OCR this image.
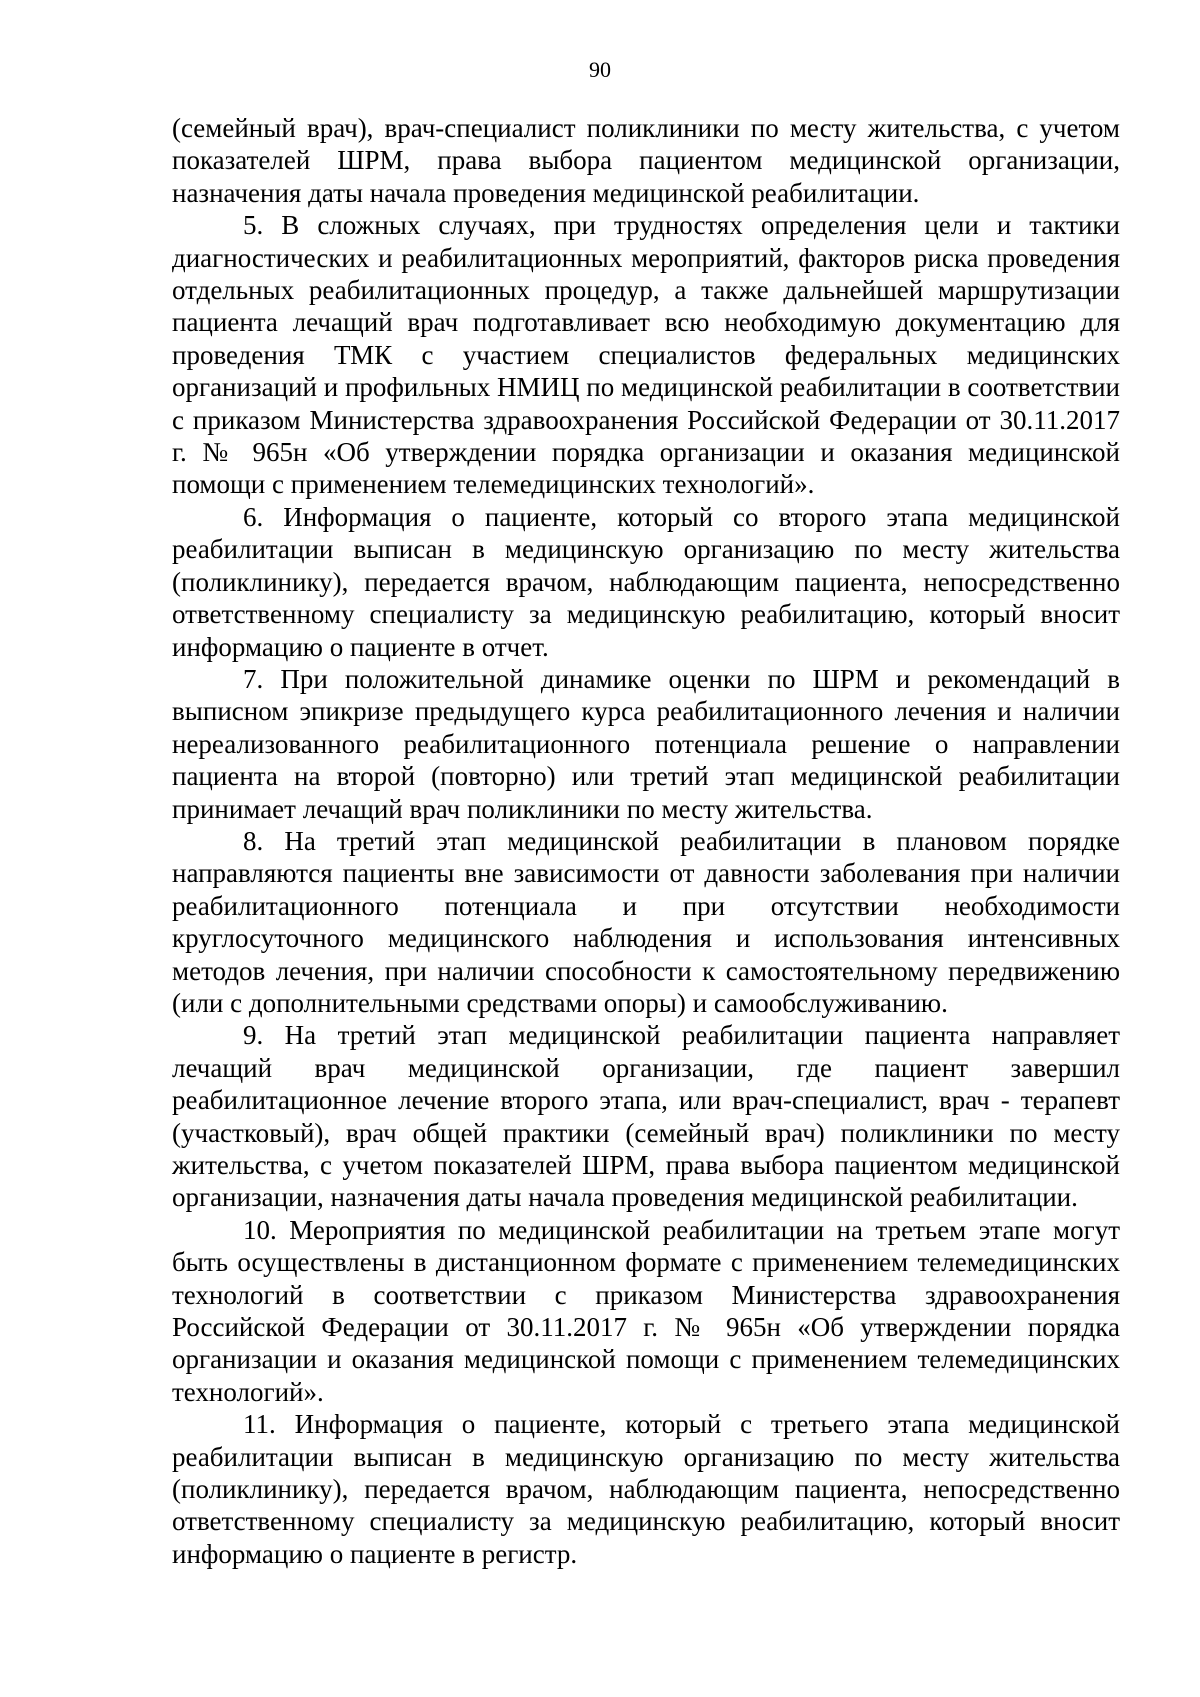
90

(семейный врач), врач-специалист поликлиники по месту жительства, с учетом показателей ШРМ, права выбора пациентом медицинской организации, назначения даты начала проведения медицинской реабилитации.

5. В сложных случаях, при трудностях определения цели и тактики диагностических и реабилитационных мероприятий, факторов риска проведения отдельных реабилитационных процедур, а также дальнейшей маршрутизации пациента лечащий врач подготавливает всю необходимую документацию для проведения ТМК с участием специалистов федеральных медицинских организаций и профильных НМИЦ по медицинской реабилитации в соответствии с приказом Министерства здравоохранения Российской Федерации от 30.11.2017 г. № 965н «Об утверждении порядка организации и оказания медицинской помощи с применением телемедицинских технологий».

6. Информация о пациенте, который со второго этапа медицинской реабилитации выписан в медицинскую организацию по месту жительства (поликлинику), передается врачом, наблюдающим пациента, непосредственно ответственному специалисту за медицинскую реабилитацию, который вносит информацию о пациенте в отчет.

7. При положительной динамике оценки по ШРМ и рекомендаций в выписном эпикризе предыдущего курса реабилитационного лечения и наличии нереализованного реабилитационного потенциала решение о направлении пациента на второй (повторно) или третий этап медицинской реабилитации принимает лечащий врач поликлиники по месту жительства.

8. На третий этап медицинской реабилитации в плановом порядке направляются пациенты вне зависимости от давности заболевания при наличии реабилитационного потенциала и при отсутствии необходимости круглосуточного медицинского наблюдения и использования интенсивных методов лечения, при наличии способности к самостоятельному передвижению (или с дополнительными средствами опоры) и самообслуживанию.

9. На третий этап медицинской реабилитации пациента направляет лечащий врач медицинской организации, где пациент завершил реабилитационное лечение второго этапа, или врач-специалист, врач - терапевт (участковый), врач общей практики (семейный врач) поликлиники по месту жительства, с учетом показателей ШРМ, права выбора пациентом медицинской организации, назначения даты начала проведения медицинской реабилитации.

10. Мероприятия по медицинской реабилитации на третьем этапе могут быть осуществлены в дистанционном формате с применением телемедицинских технологий в соответствии с приказом Министерства здравоохранения Российской Федерации от 30.11.2017 г. № 965н «Об утверждении порядка организации и оказания медицинской помощи с применением телемедицинских технологий».

11. Информация о пациенте, который с третьего этапа медицинской реабилитации выписан в медицинскую организацию по месту жительства (поликлинику), передается врачом, наблюдающим пациента, непосредственно ответственному специалисту за медицинскую реабилитацию, который вносит информацию о пациенте в регистр.
